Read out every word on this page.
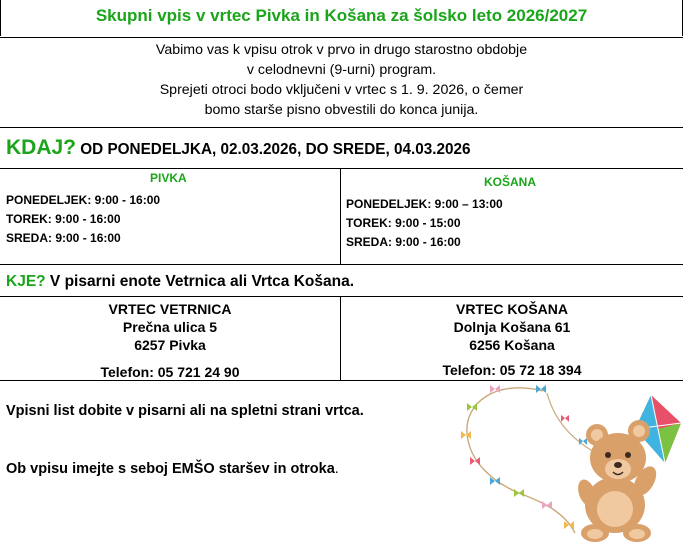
Skupni vpis v vrtec Pivka in Košana za šolsko leto 2026/2027
Vabimo vas k vpisu otrok v prvo in drugo starostno obdobje
v celodnevni (9-urni) program.
Sprejeti otroci bodo vključeni v vrtec s 1. 9. 2026, o čemer
bomo starše pisno obvestili do konca junija.
KDAJ? OD PONEDELJKA, 02.03.2026, DO SREDE, 04.03.2026
PIVKA
PONEDELJEK: 9:00 - 16:00
TOREK: 9:00 - 16:00
SREDA: 9:00 - 16:00
KOŠANA
PONEDELJEK: 9:00 – 13:00
TOREK: 9:00 - 15:00
SREDA: 9:00 - 16:00
KJE? V pisarni enote Vetrnica ali Vrtca Košana.
VRTEC VETRNICA
Prečna ulica 5
6257 Pivka
Telefon: 05 721 24 90
VRTEC KOŠANA
Dolnja Košana 61
6256 Košana
Telefon: 05 72 18 394
Vpisni list dobite v pisarni ali na spletni strani vrtca.
Ob vpisu imejte s seboj EMŠO staršev in otroka.
